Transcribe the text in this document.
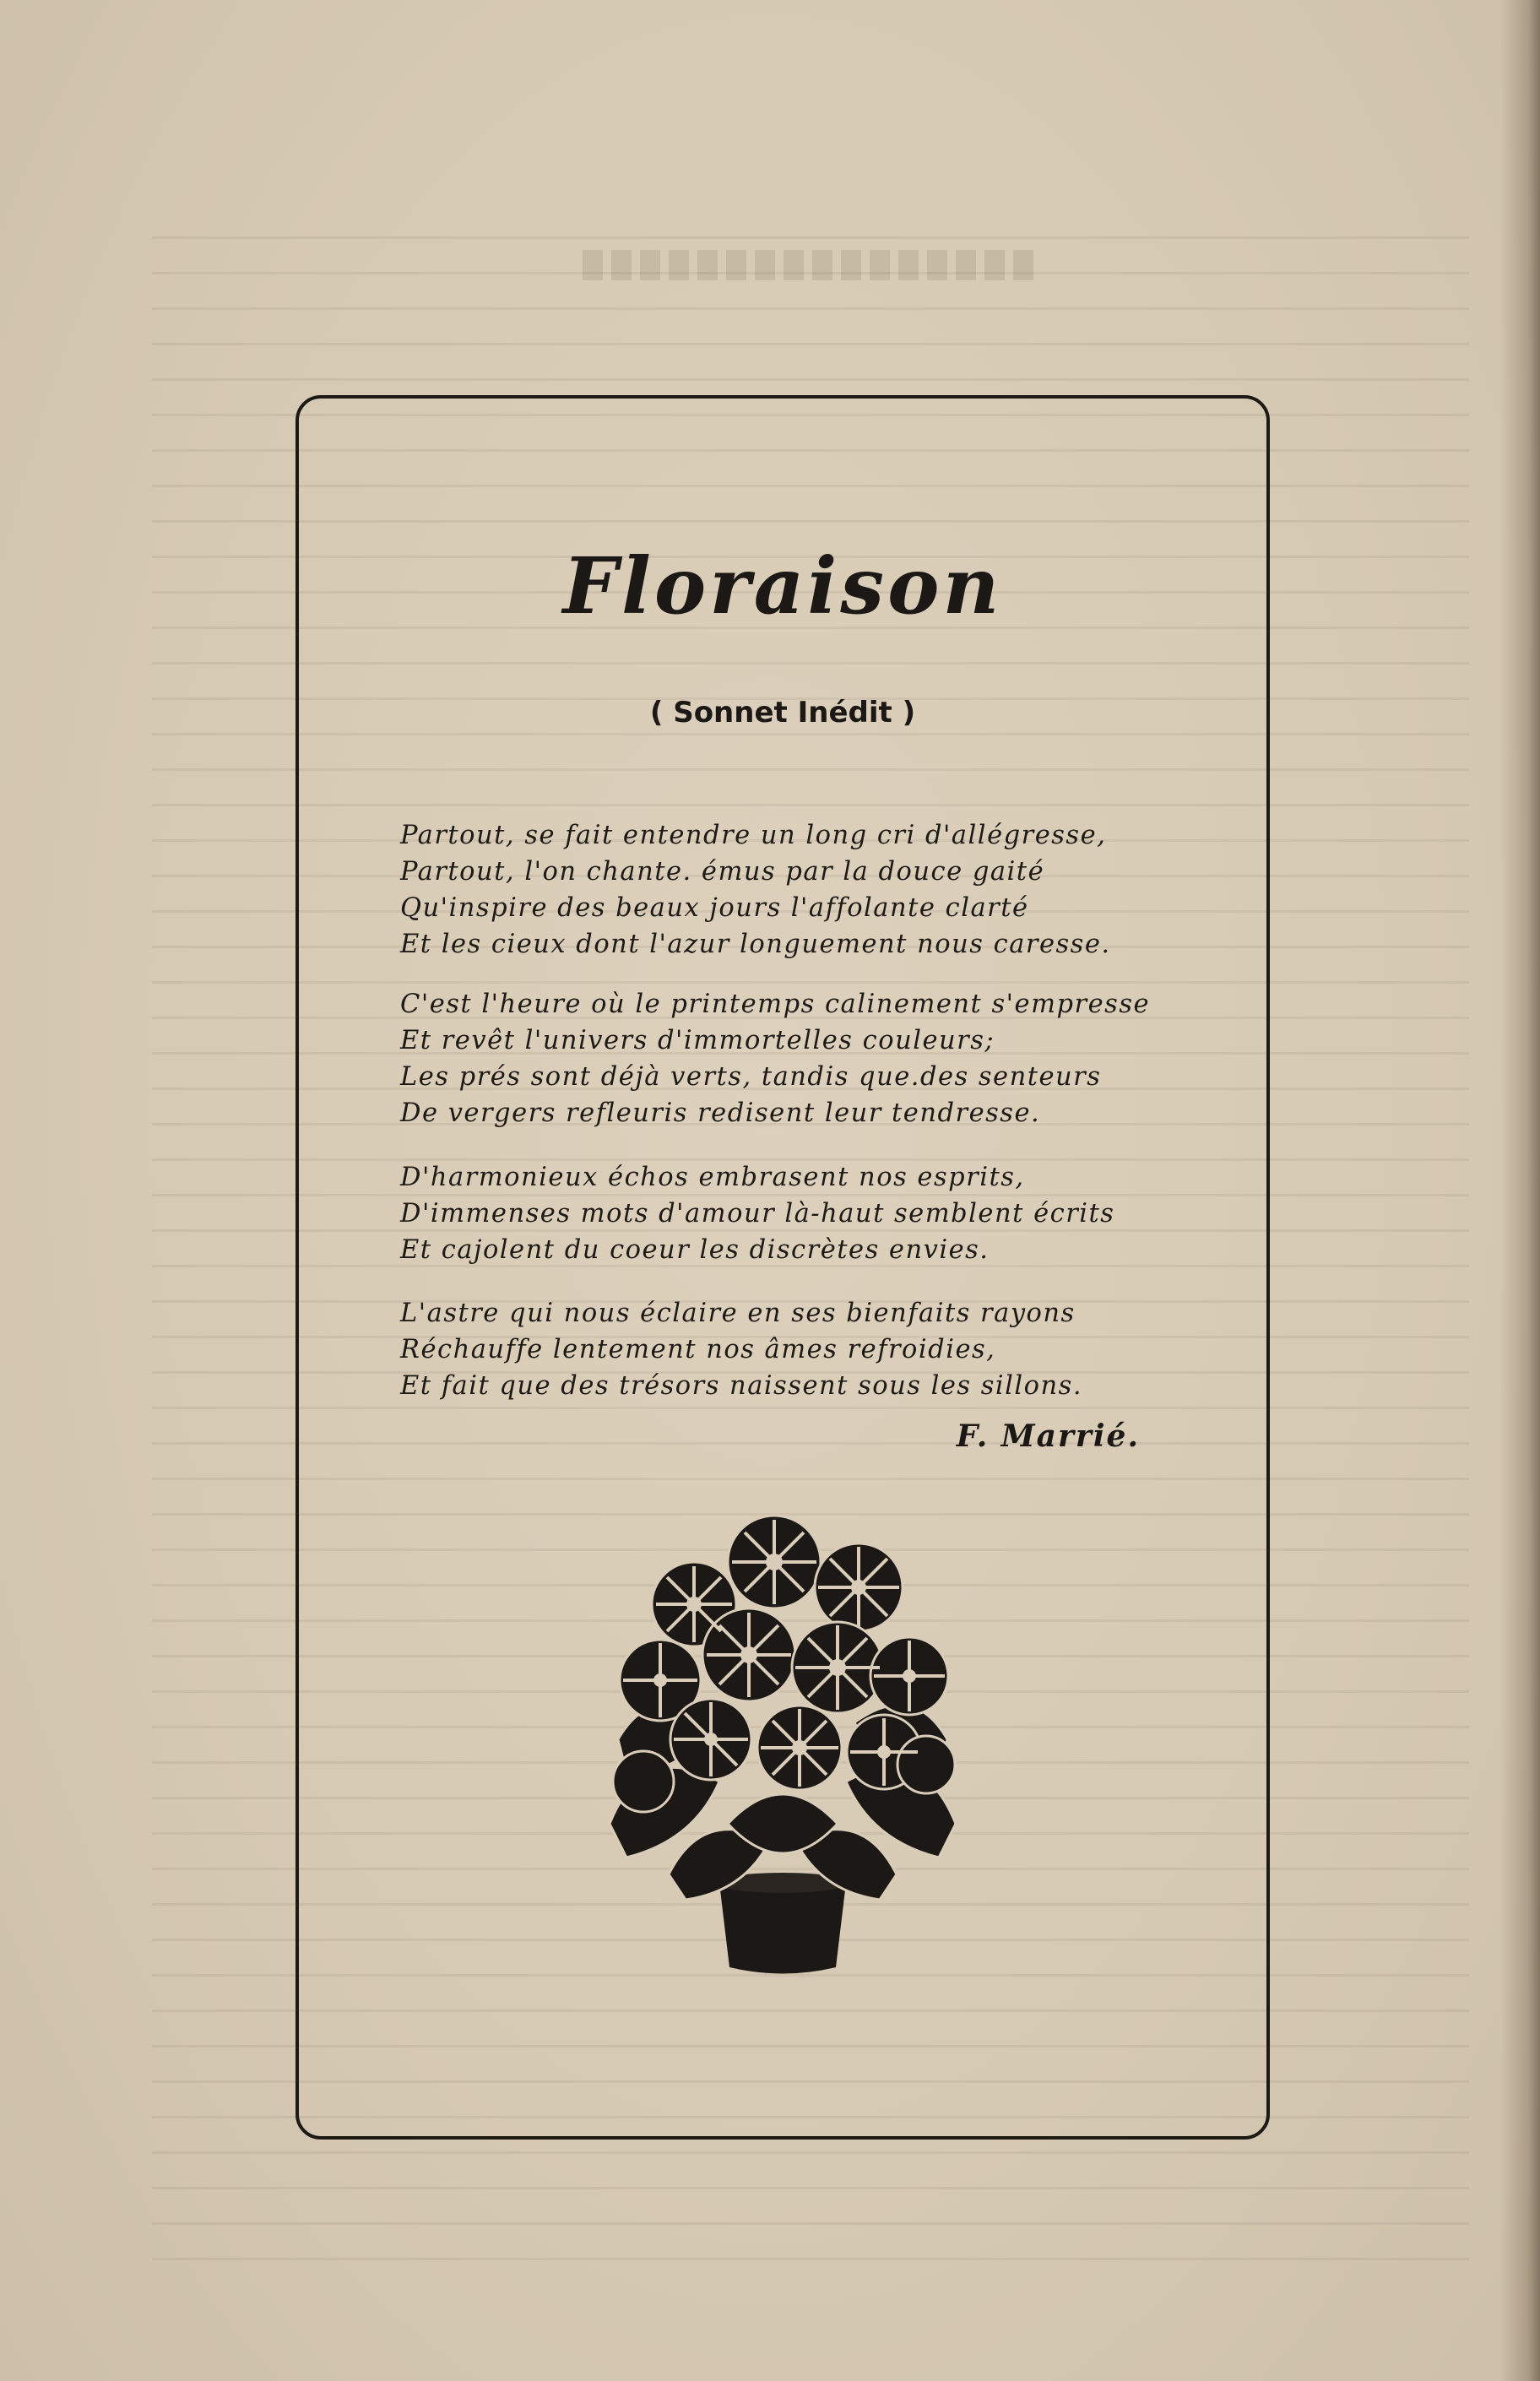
Floraison
( Sonnet Inédit )
Partout, se fait entendre un long cri d'allégresse,
Partout, l'on chante. émus par la douce gaité
Qu'inspire des beaux jours l'affolante clarté
Et les cieux dont l'azur longuement nous caresse.
C'est l'heure où le printemps calinement s'empresse
Et revêt l'univers d'immortelles couleurs;
Les prés sont déjà verts, tandis que.des senteurs
De vergers refleuris redisent leur tendresse.
D'harmonieux échos embrasent nos esprits,
D'immenses mots d'amour là-haut semblent écrits
Et cajolent du coeur les discrètes envies.
L'astre qui nous éclaire en ses bienfaits rayons
Réchauffe lentement nos âmes refroidies,
Et fait que des trésors naissent sous les sillons.
F. Marrié.
